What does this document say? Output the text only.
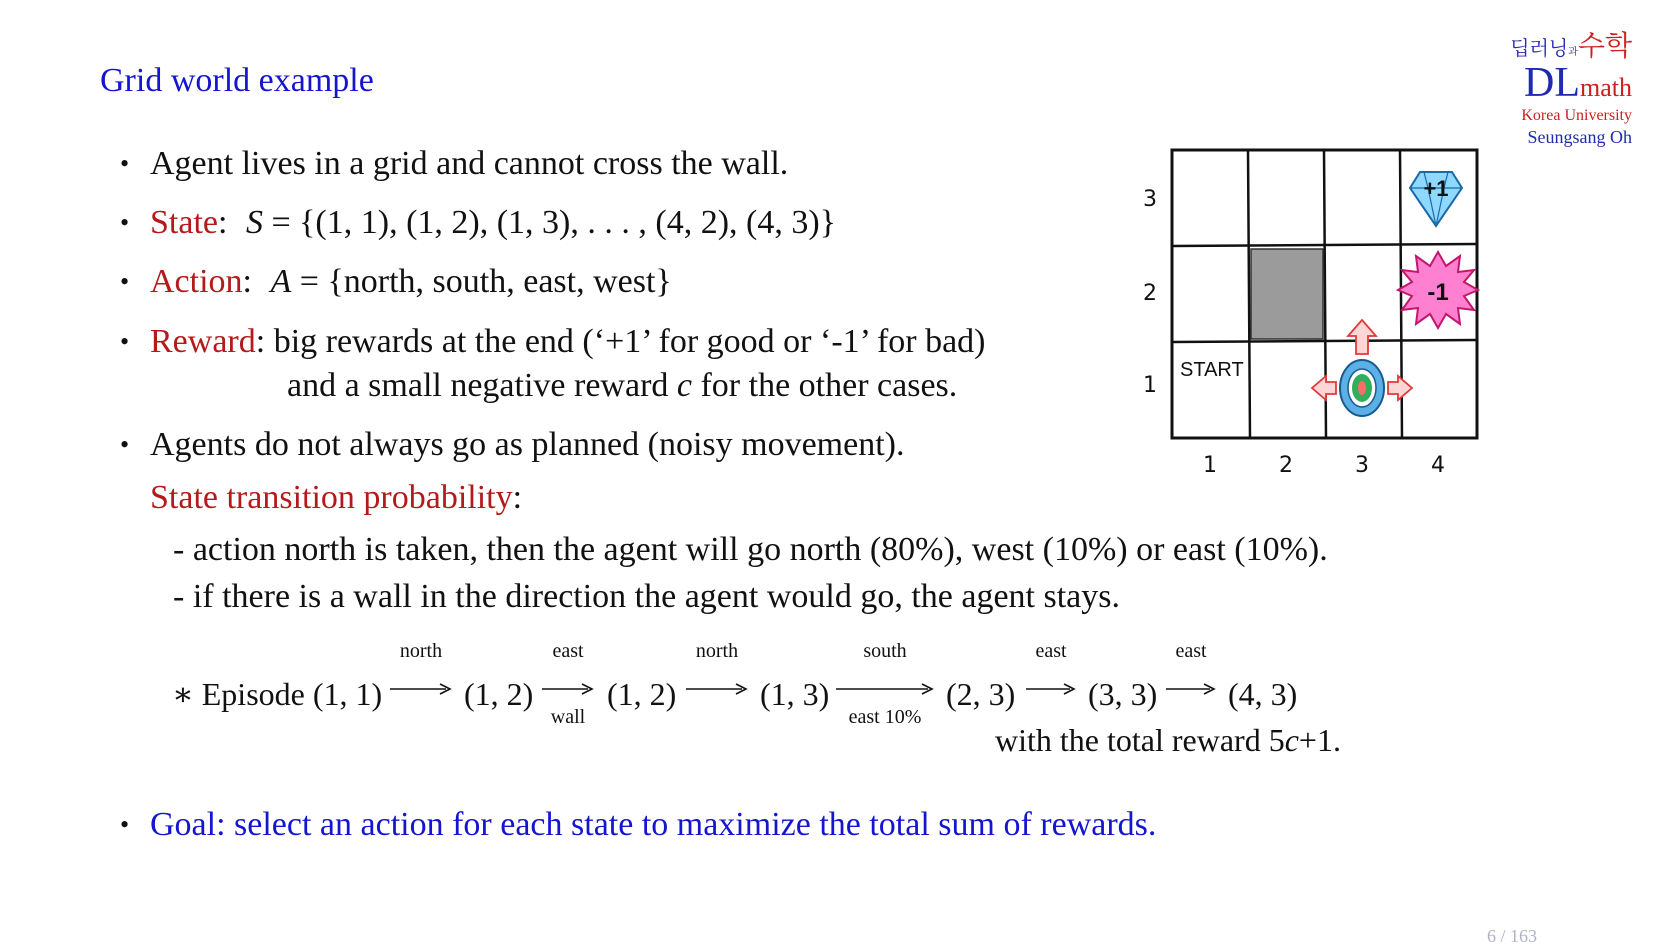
Grid world example
딥러닝과수학
DLmath
Korea University
Seungsang Oh
• Agent lives in a grid and cannot cross the wall.
• State: S = {(1, 1), (1, 2), (1, 3), . . . , (4, 2), (4, 3)}
• Action: A = {north, south, east, west}
• Reward: big rewards at the end (‘+1’ for good or ‘-1’ for bad)
and a small negative reward c for the other cases.
• Agents do not always go as planned (noisy movement).
State transition probability:
- action north is taken, then the agent will go north (80%), west (10%) or east (10%).
- if there is a wall in the direction the agent would go, the agent stays.
∗ Episode (1, 1)
north
(1, 2)
east
wall
(1, 2)
north
(1, 3)
south
east 10%
(2, 3)
east
(3, 3)
east
(4, 3)
with the total reward 5c+1.
• Goal: select an action for each state to maximize the total sum of rewards.
+1
-1
START
3
2
1
1	2	3	4
6 / 163
